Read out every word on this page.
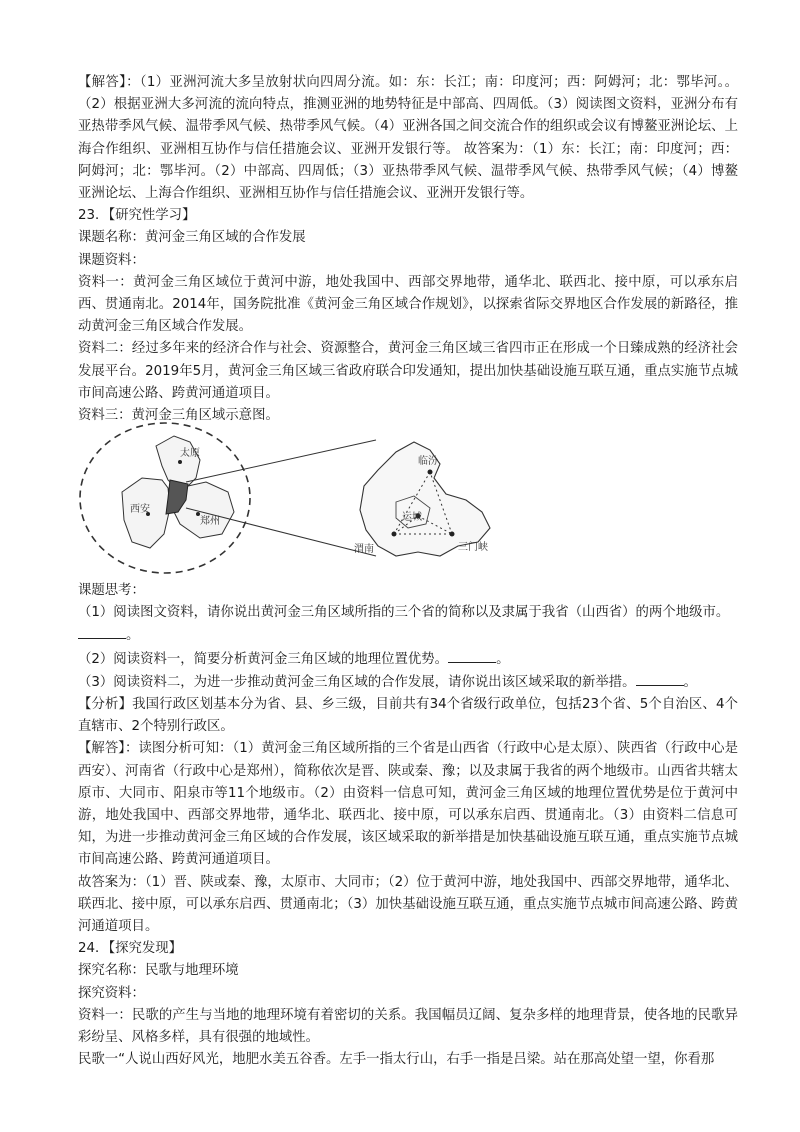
【解答】：（1）亚洲河流大多呈放射状向四周分流。如：东：长江；南：印度河；西：阿姆河；北：鄂毕河。。（2）根据亚洲大多河流的流向特点，推测亚洲的地势特征是中部高、四周低。（3）阅读图文资料，亚洲分布有 亚热带季风气候、温带季风气候、热带季风气候。（4）亚洲各国之间交流合作的组织或会议有博鳌亚洲论坛、上海合作组织、亚洲相互协作与信任措施会议、亚洲开发银行等。 故答案为：（1）东：长江；南：印度河；西：阿姆河；北：鄂毕河。（2）中部高、四周低；（3）亚热带季风气候、温带季风气候、热带季风气候；（4）博鳌亚洲论坛、上海合作组织、亚洲相互协作与信任措施会议、亚洲开发银行等。

23．【研究性学习】

课题名称：黄河金三角区域的合作发展

课题资料：

资料一：黄河金三角区域位于黄河中游，地处我国中、西部交界地带，通华北、联西北、接中原，可以承东启西、贯通南北。2014年，国务院批准《黄河金三角区域合作规划》，以探索省际交界地区合作发展的新路径，推动黄河金三角区域合作发展。

资料二：经过多年来的经济合作与社会、资源整合，黄河金三角区域三省四市正在形成一个日臻成熟的经济社会发展平台。2019年5月，黄河金三角区域三省政府联合印发通知，提出加快基础设施互联互通，重点实施节点城市间高速公路、跨黄河通道项目。

资料三：黄河金三角区域示意图。

太原
西安
郑州
临汾
运城
渭南	三门峡

课题思考：

（1）阅读图文资料，请你说出黄河金三角区域所指的三个省的简称以及隶属于我省（山西省）的两个地级市。
。

（2）阅读资料一，简要分析黄河金三角区域的地理位置优势。	。

（3）阅读资料二，为进一步推动黄河金三角区域的合作发展，请你说出该区域采取的新举措。	。

【分析】我国行政区划基本分为省、县、乡三级，目前共有34个省级行政单位，包括23个省、5个自治区、4个直辖市、2个特别行政区。

【解答】：读图分析可知：（1）黄河金三角区域所指的三个省是山西省（行政中心是太原）、陕西省（行政中心是西安）、河南省（行政中心是郑州），简称依次是晋、陕或秦、豫；以及隶属于我省的两个地级市。山西省共辖太原市、大同市、阳泉市等11个地级市。（2）由资料一信息可知，黄河金三角区域的地理位置优势是位于黄河中游，地处我国中、西部交界地带，通华北、联西北、接中原，可以承东启西、贯通南北。（3）由资料二信息可知，为进一步推动黄河金三角区域的合作发展，该区域采取的新举措是加快基础设施互联互通，重点实施节点城市间高速公路、跨黄河通道项目。

故答案为：（1）晋、陕或秦、豫，太原市、大同市；（2）位于黄河中游，地处我国中、西部交界地带，通华北、联西北、接中原，可以承东启西、贯通南北；（3）加快基础设施互联互通，重点实施节点城市间高速公路、跨黄河通道项目。

24．【探究发现】

探究名称：民歌与地理环境

探究资料：

资料一：民歌的产生与当地的地理环境有着密切的关系。我国幅员辽阔、复杂多样的地理背景，使各地的民歌异彩纷呈、风格多样，具有很强的地域性。

民歌一“人说山西好风光，地肥水美五谷香。左手一指太行山，右手一指是吕梁。站在那高处望一望，你看那
